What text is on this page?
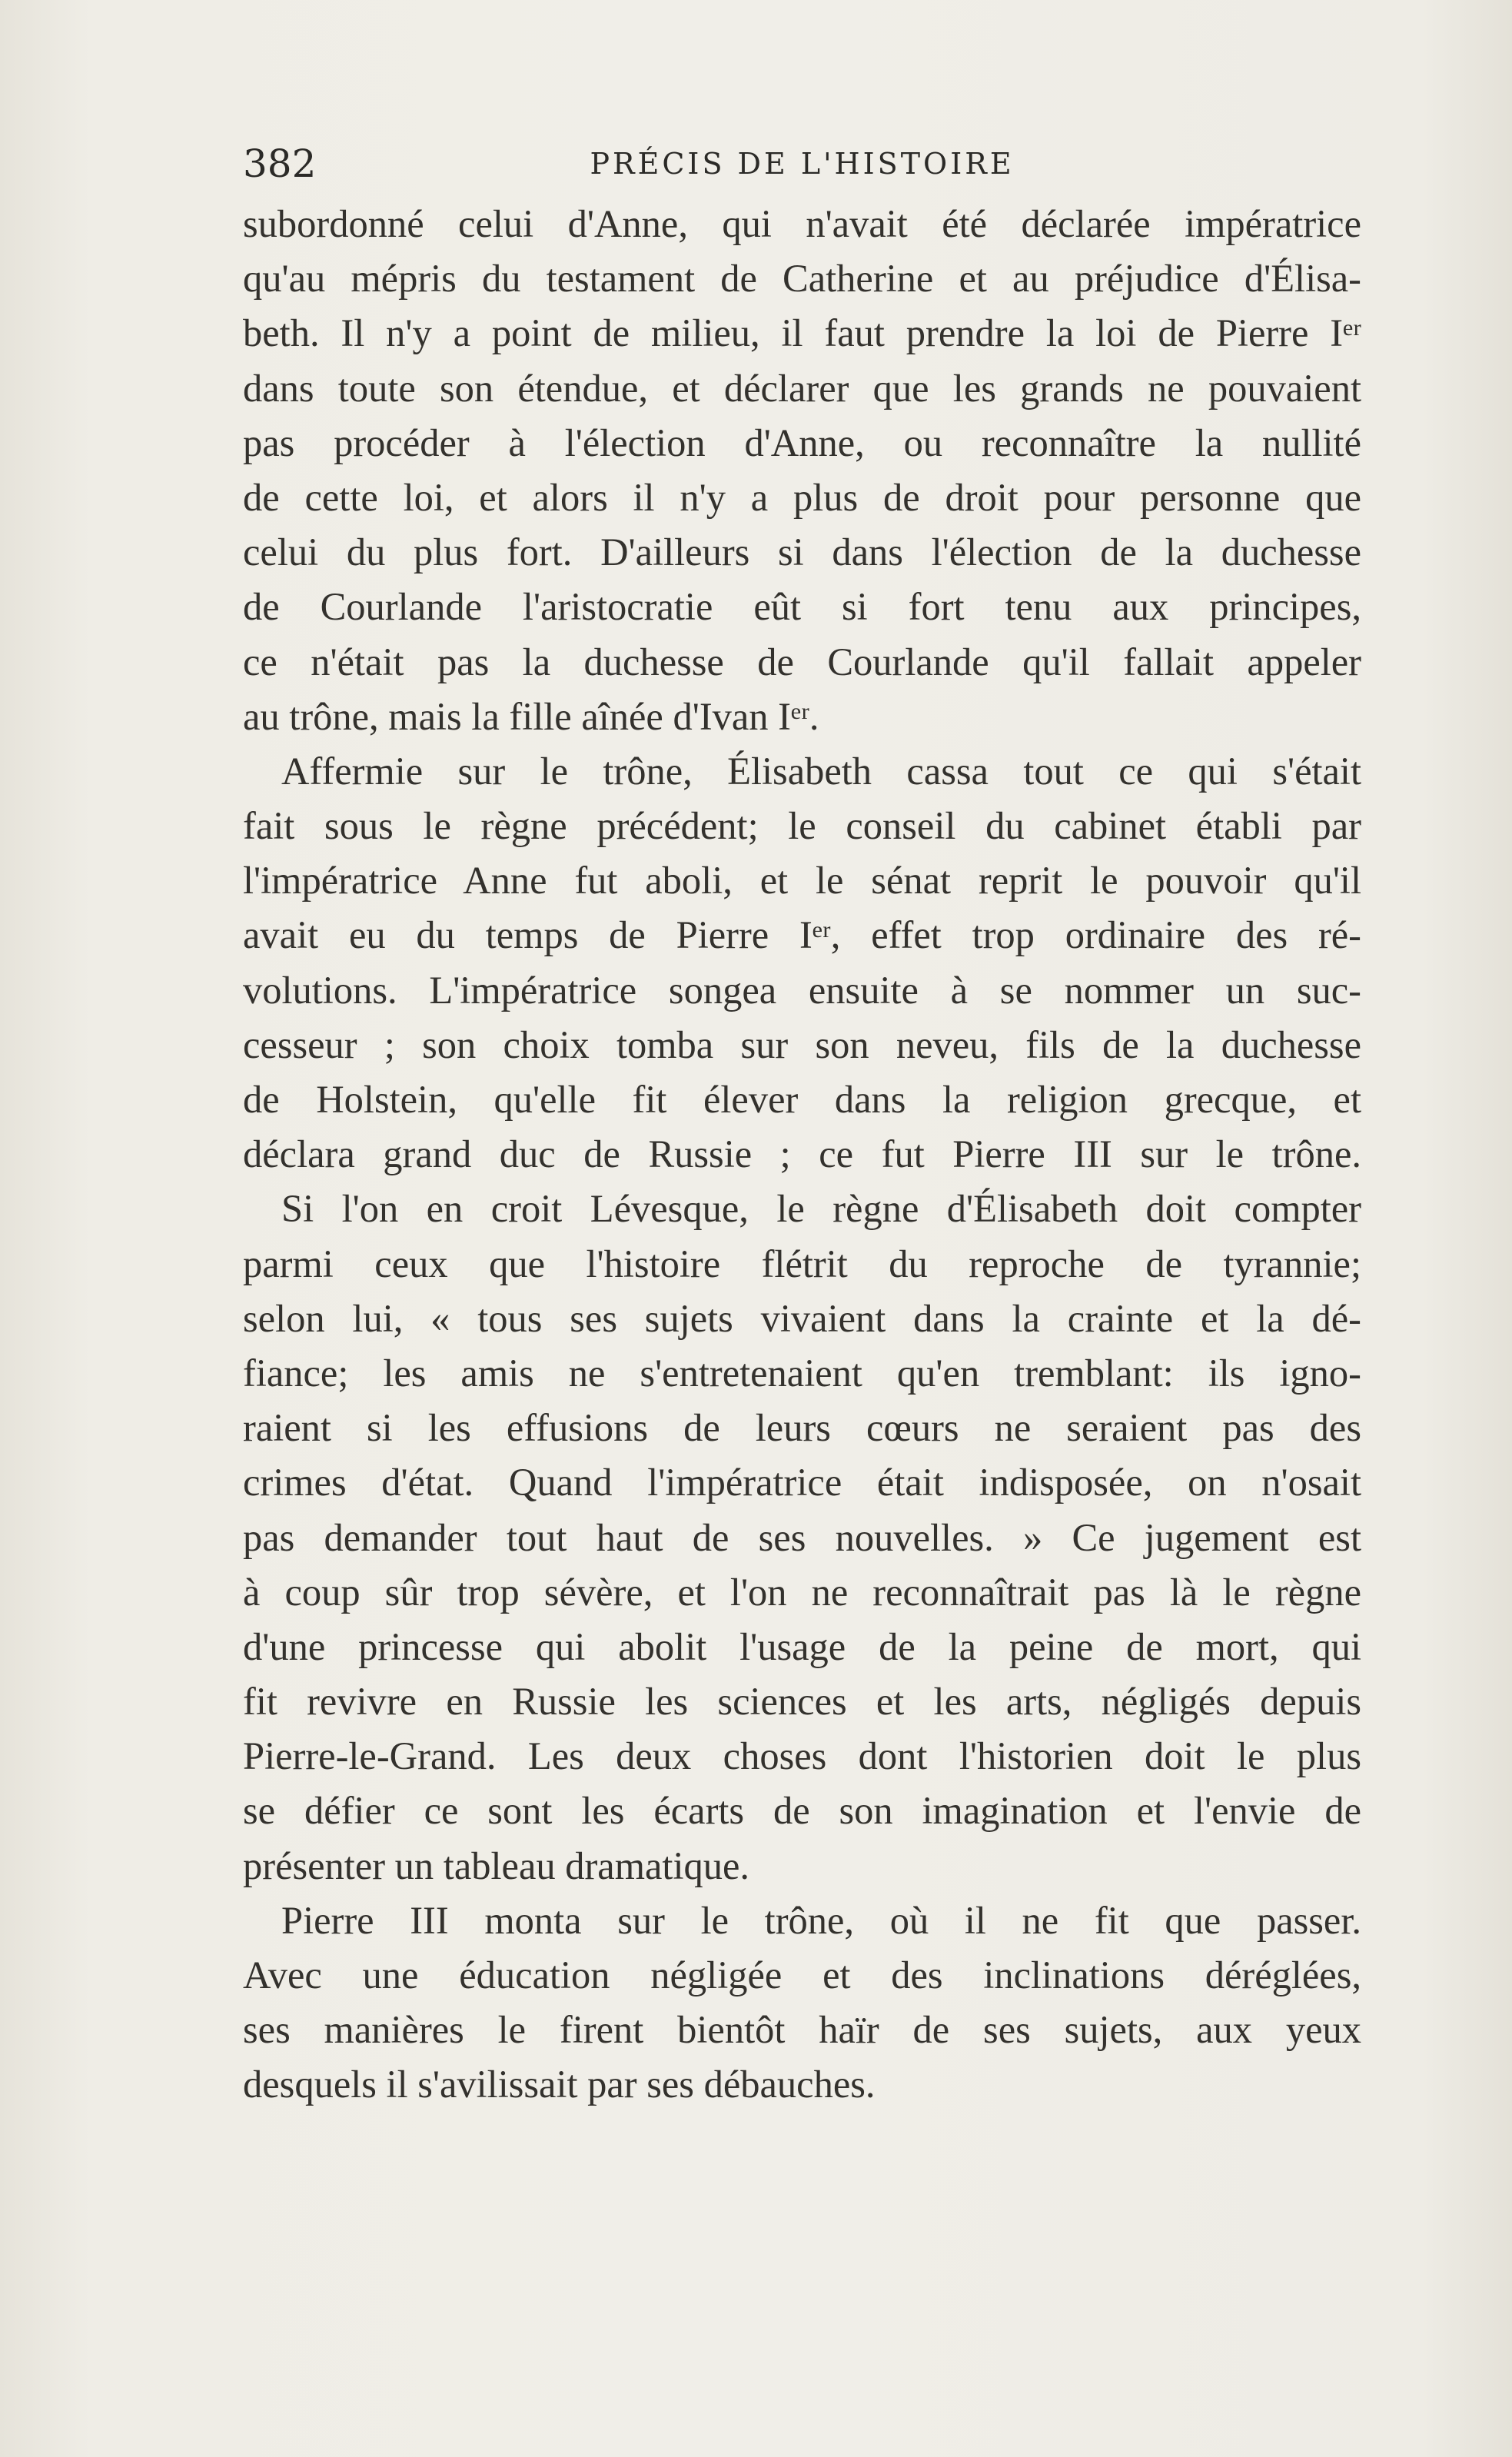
382	PRÉCIS DE L'HISTOIRE
subordonné celui d'Anne, qui n'avait été déclarée impératrice
qu'au mépris du testament de Catherine et au préjudice d'Élisa-
beth. Il n'y a point de milieu, il faut prendre la loi de Pierre Iᵉʳ
dans toute son étendue, et déclarer que les grands ne pouvaient
pas procéder à l'élection d'Anne, ou reconnaître la nullité
de cette loi, et alors il n'y a plus de droit pour personne que
celui du plus fort. D'ailleurs si dans l'élection de la duchesse
de Courlande l'aristocratie eût si fort tenu aux principes,
ce n'était pas la duchesse de Courlande qu'il fallait appeler
au trône, mais la fille aînée d'Ivan Iᵉʳ.
Affermie sur le trône, Élisabeth cassa tout ce qui s'était
fait sous le règne précédent; le conseil du cabinet établi par
l'impératrice Anne fut aboli, et le sénat reprit le pouvoir qu'il
avait eu du temps de Pierre Iᵉʳ, effet trop ordinaire des ré-
volutions. L'impératrice songea ensuite à se nommer un suc-
cesseur ; son choix tomba sur son neveu, fils de la duchesse
de Holstein, qu'elle fit élever dans la religion grecque, et
déclara grand duc de Russie ; ce fut Pierre III sur le trône.
Si l'on en croit Lévesque, le règne d'Élisabeth doit compter
parmi ceux que l'histoire flétrit du reproche de tyrannie;
selon lui, « tous ses sujets vivaient dans la crainte et la dé-
fiance; les amis ne s'entretenaient qu'en tremblant: ils igno-
raient si les effusions de leurs cœurs ne seraient pas des
crimes d'état. Quand l'impératrice était indisposée, on n'osait
pas demander tout haut de ses nouvelles. » Ce jugement est
à coup sûr trop sévère, et l'on ne reconnaîtrait pas là le règne
d'une princesse qui abolit l'usage de la peine de mort, qui
fit revivre en Russie les sciences et les arts, négligés depuis
Pierre-le-Grand. Les deux choses dont l'historien doit le plus
se défier ce sont les écarts de son imagination et l'envie de
présenter un tableau dramatique.
Pierre III monta sur le trône, où il ne fit que passer.
Avec une éducation négligée et des inclinations déréglées,
ses manières le firent bientôt haïr de ses sujets, aux yeux
desquels il s'avilissait par ses débauches.
